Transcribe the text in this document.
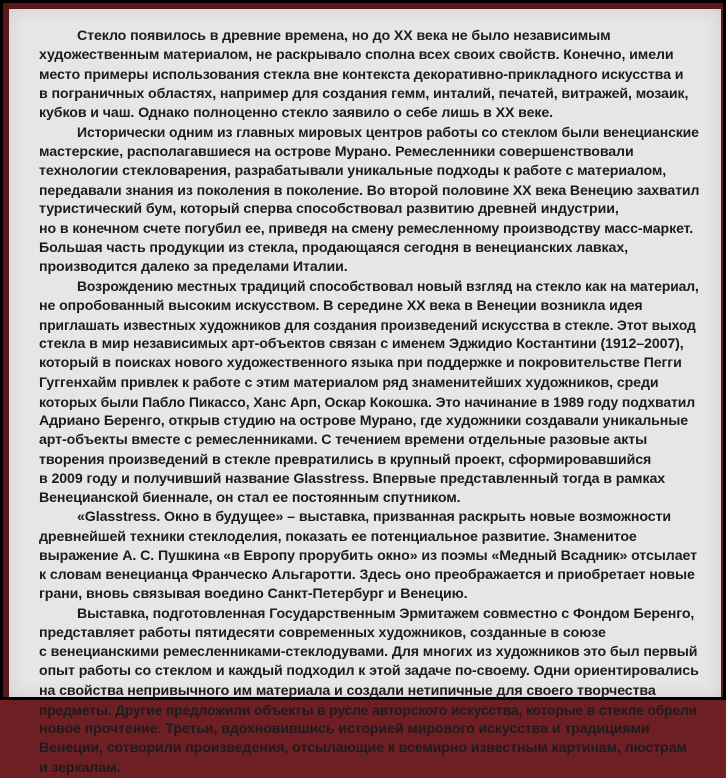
Стекло появилось в древние времена, но до XX века не было независимым
художественным материалом, не раскрывало сполна всех своих свойств. Конечно, имели
место примеры использования стекла вне контекста декоративно-прикладного искусства и
в пограничных областях, например для создания гемм, инталий, печатей, витражей, мозаик,
кубков и чаш. Однако полноценно стекло заявило о себе лишь в XX веке.
Исторически одним из главных мировых центров работы со стеклом были венецианские
мастерские, располагавшиеся на острове Мурано. Ремесленники совершенствовали
технологии стекловарения, разрабатывали уникальные подходы к работе с материалом,
передавали знания из поколения в поколение. Во второй половине XX века Венецию захватил
туристический бум, который сперва способствовал развитию древней индустрии,
но в конечном счете погубил ее, приведя на смену ремесленному производству масс-маркет.
Большая часть продукции из стекла, продающаяся сегодня в венецианских лавках,
производится далеко за пределами Италии.
Возрождению местных традиций способствовал новый взгляд на стекло как на материал,
не опробованный высоким искусством. В середине XX века в Венеции возникла идея
приглашать известных художников для создания произведений искусства в стекле. Этот выход
стекла в мир независимых арт-объектов связан с именем Эджидио Костантини (1912–2007),
который в поисках нового художественного языка при поддержке и покровительстве Пегги
Гуггенхайм привлек к работе с этим материалом ряд знаменитейших художников, среди
которых были Пабло Пикассо, Ханс Арп, Оскар Кокошка. Это начинание в 1989 году подхватил
Адриано Беренго, открыв студию на острове Мурано, где художники создавали уникальные
арт-объекты вместе с ремесленниками. С течением времени отдельные разовые акты
творения произведений в стекле превратились в крупный проект, сформировавшийся
в 2009 году и получивший название Glasstress. Впервые представленный тогда в рамках
Венецианской биеннале, он стал ее постоянным спутником.
«Glasstress. Окно в будущее» – выставка, призванная раскрыть новые возможности
древнейшей техники стеклоделия, показать ее потенциальное развитие. Знаменитое
выражение А. С. Пушкина «в Европу прорубить окно» из поэмы «Медный Всадник» отсылает
к словам венецианца Франческо Альгаротти. Здесь оно преображается и приобретает новые
грани, вновь связывая воедино Санкт-Петербург и Венецию.
Выставка, подготовленная Государственным Эрмитажем совместно с Фондом Беренго,
представляет работы пятидесяти современных художников, созданные в союзе
с венецианскими ремесленниками-стеклодувами. Для многих из художников это был первый
опыт работы со стеклом и каждый подходил к этой задаче по-своему. Одни ориентировались
на свойства непривычного им материала и создали нетипичные для своего творчества
предметы. Другие предложили объекты в русле авторского искусства, которые в стекле обрели
новое прочтение. Третьи, вдохновившись историей мирового искусства и традициями
Венеции, сотворили произведения, отсылающие к всемирно известным картинам, люстрам
и зеркалам.
